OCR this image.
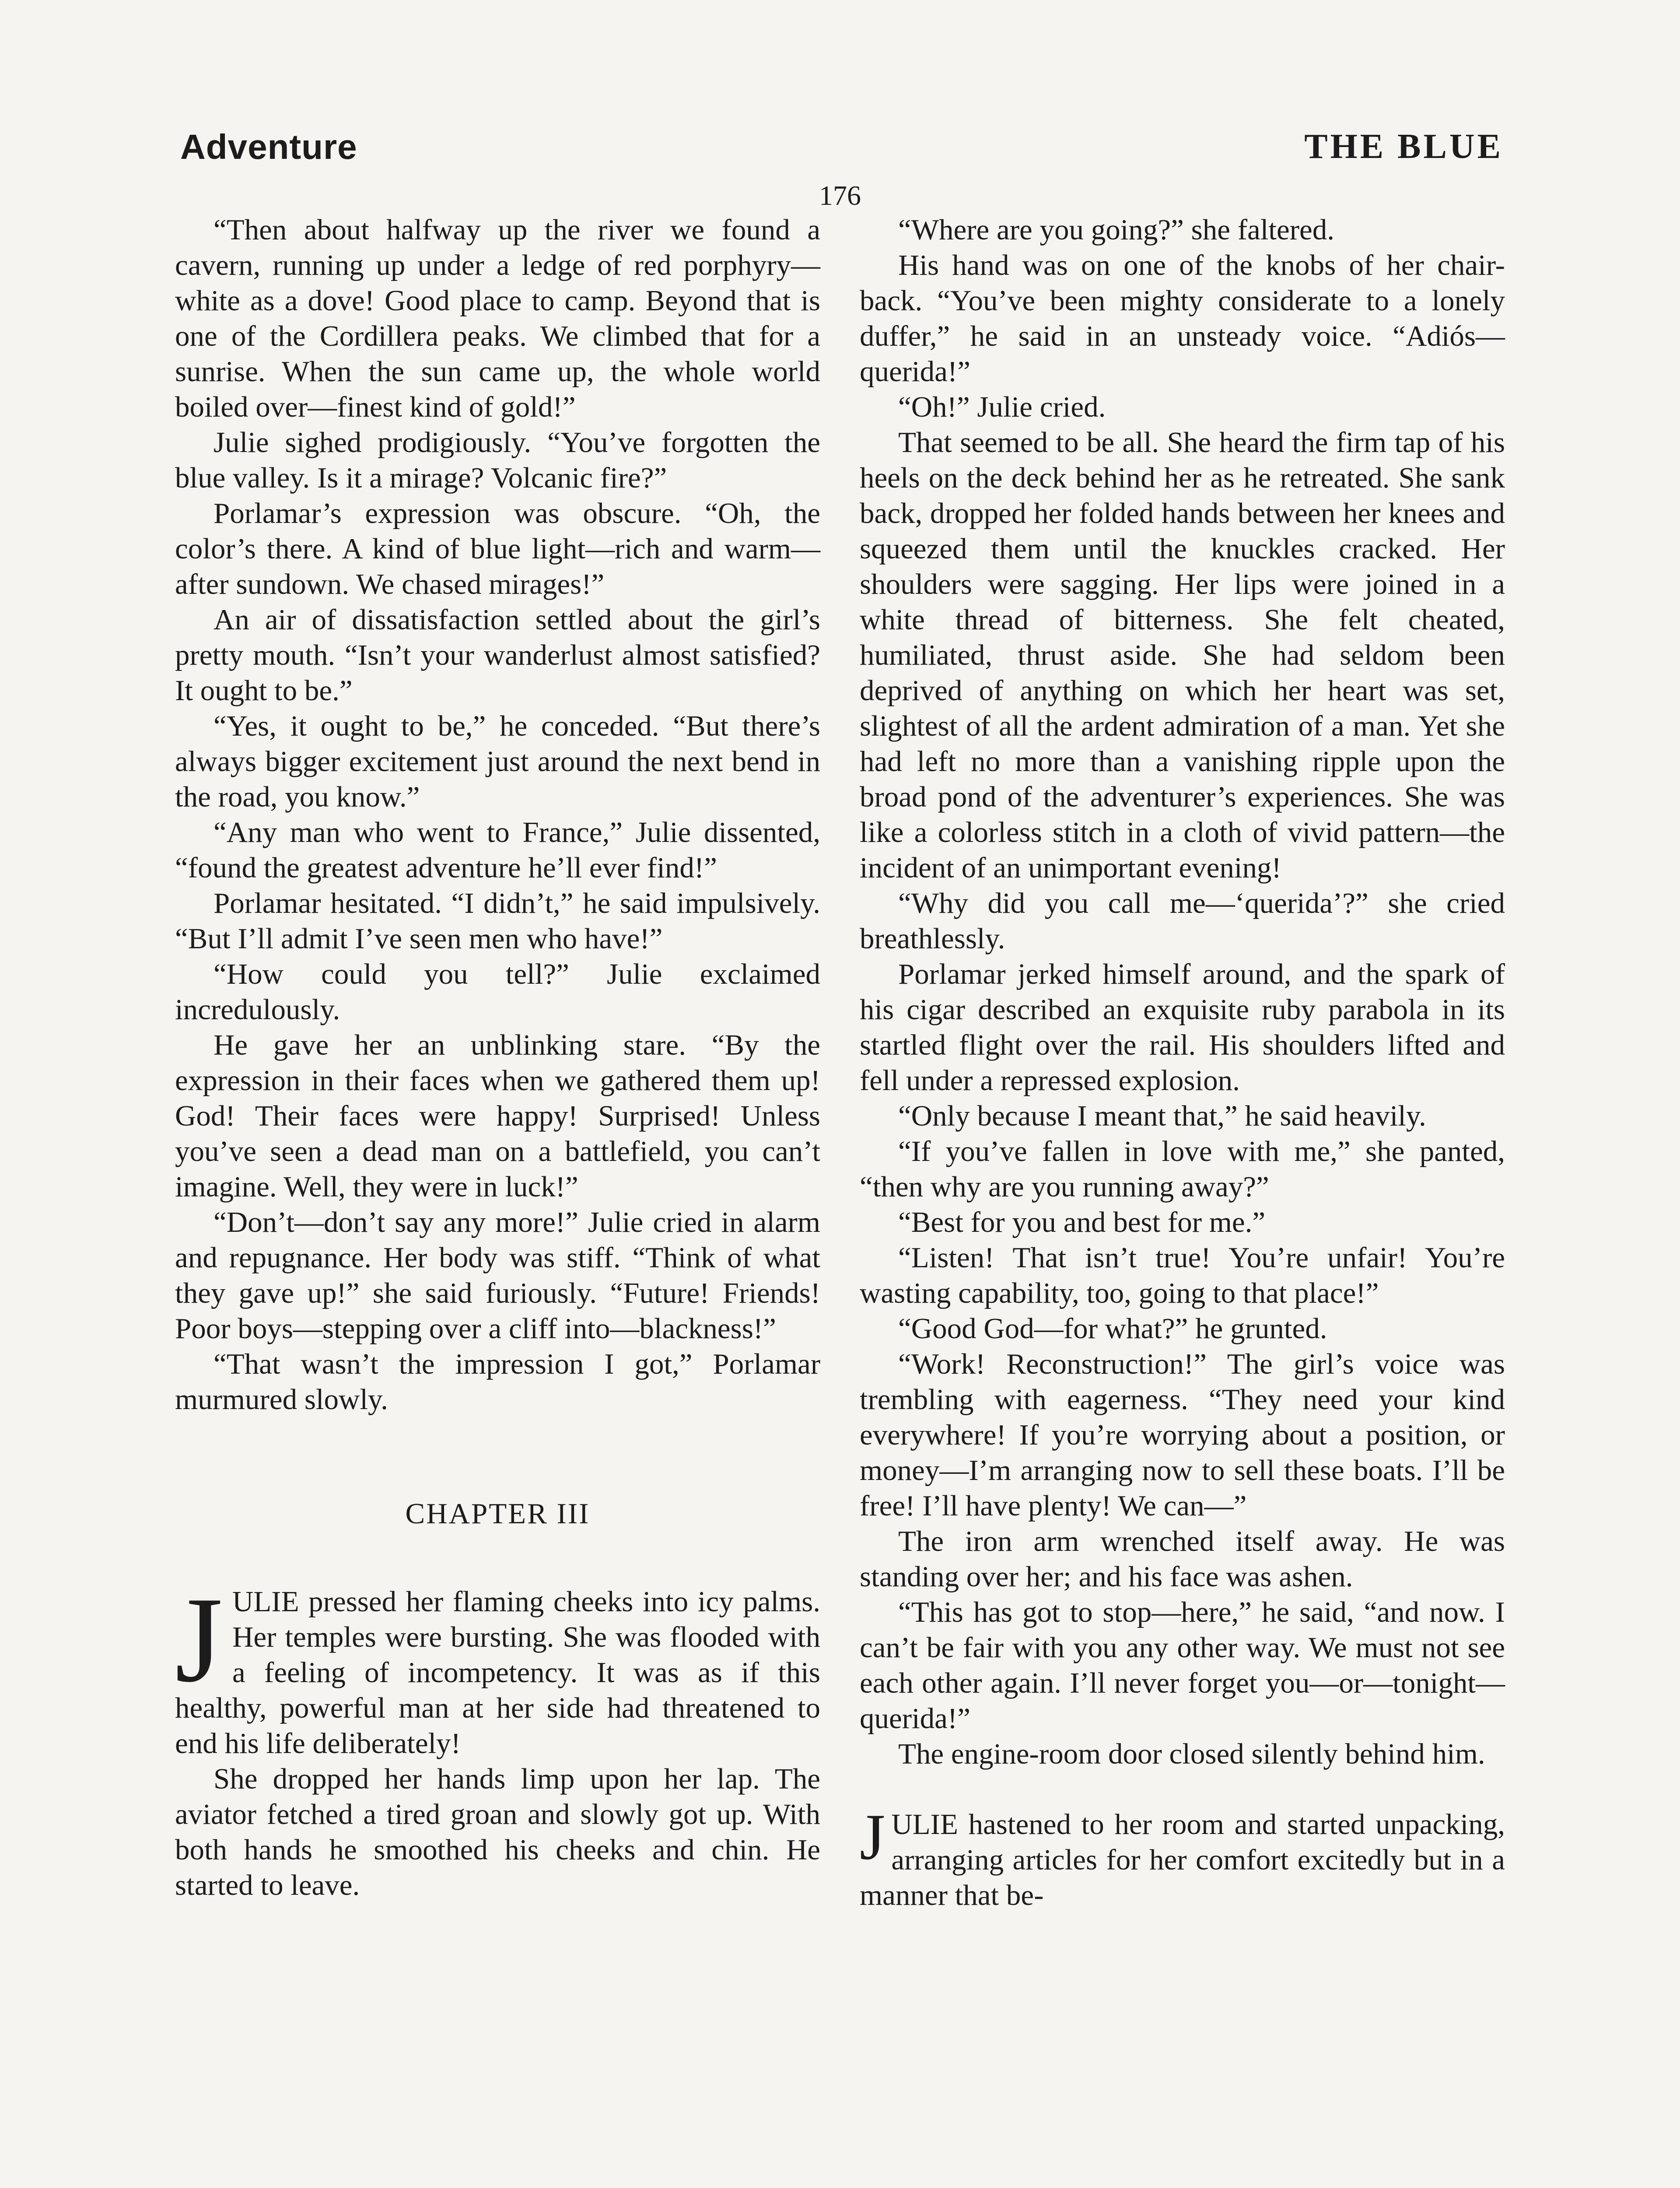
Adventure	THE BLUE

176

“Then about halfway up the river we found a cavern, running up under a ledge of red porphyry—white as a dove! Good place to camp. Beyond that is one of the Cordillera peaks. We climbed that for a sunrise. When the sun came up, the whole world boiled over—finest kind of gold!”

Julie sighed prodigiously. “You’ve forgotten the blue valley. Is it a mirage? Volcanic fire?”

Porlamar’s expression was obscure. “Oh, the color’s there. A kind of blue light—rich and warm—after sundown. We chased mirages!”

An air of dissatisfaction settled about the girl’s pretty mouth. “Isn’t your wanderlust almost satisfied? It ought to be.”

“Yes, it ought to be,” he conceded. “But there’s always bigger excitement just around the next bend in the road, you know.”

“Any man who went to France,” Julie dissented, “found the greatest adventure he’ll ever find!”

Porlamar hesitated. “I didn’t,” he said impulsively. “But I’ll admit I’ve seen men who have!”

“How could you tell?” Julie exclaimed incredulously.

He gave her an unblinking stare. “By the expression in their faces when we gathered them up! God! Their faces were happy! Surprised! Unless you’ve seen a dead man on a battlefield, you can’t imagine. Well, they were in luck!”

“Don’t—don’t say any more!” Julie cried in alarm and repugnance. Her body was stiff. “Think of what they gave up!” she said furiously. “Future! Friends! Poor boys—stepping over a cliff into—blackness!”

“That wasn’t the impression I got,” Porlamar murmured slowly.

CHAPTER III

JULIE pressed her flaming cheeks into icy palms. Her temples were bursting. She was flooded with a feeling of incompetency. It was as if this healthy, powerful man at her side had threatened to end his life deliberately!

She dropped her hands limp upon her lap. The aviator fetched a tired groan and slowly got up. With both hands he smoothed his cheeks and chin. He started to leave.

“Where are you going?” she faltered.

His hand was on one of the knobs of her chair-back. “You’ve been mighty considerate to a lonely duffer,” he said in an unsteady voice. “Adiós—querida!”

“Oh!” Julie cried.

That seemed to be all. She heard the firm tap of his heels on the deck behind her as he retreated. She sank back, dropped her folded hands between her knees and squeezed them until the knuckles cracked. Her shoulders were sagging. Her lips were joined in a white thread of bitterness. She felt cheated, humiliated, thrust aside. She had seldom been deprived of anything on which her heart was set, slightest of all the ardent admiration of a man. Yet she had left no more than a vanishing ripple upon the broad pond of the adventurer’s experiences. She was like a colorless stitch in a cloth of vivid pattern—the incident of an unimportant evening!

“Why did you call me—‘querida’?” she cried breathlessly.

Porlamar jerked himself around, and the spark of his cigar described an exquisite ruby parabola in its startled flight over the rail. His shoulders lifted and fell under a repressed explosion.

“Only because I meant that,” he said heavily.

“If you’ve fallen in love with me,” she panted, “then why are you running away?”

“Best for you and best for me.”

“Listen! That isn’t true! You’re unfair! You’re wasting capability, too, going to that place!”

“Good God—for what?” he grunted.

“Work! Reconstruction!” The girl’s voice was trembling with eagerness. “They need your kind everywhere! If you’re worrying about a position, or money—I’m arranging now to sell these boats. I’ll be free! I’ll have plenty! We can—”

The iron arm wrenched itself away. He was standing over her; and his face was ashen.

“This has got to stop—here,” he said, “and now. I can’t be fair with you any other way. We must not see each other again. I’ll never forget you—or—tonight—querida!”

The engine-room door closed silently behind him.

JULIE hastened to her room and started unpacking, arranging articles for her comfort excitedly but in a manner that be-
